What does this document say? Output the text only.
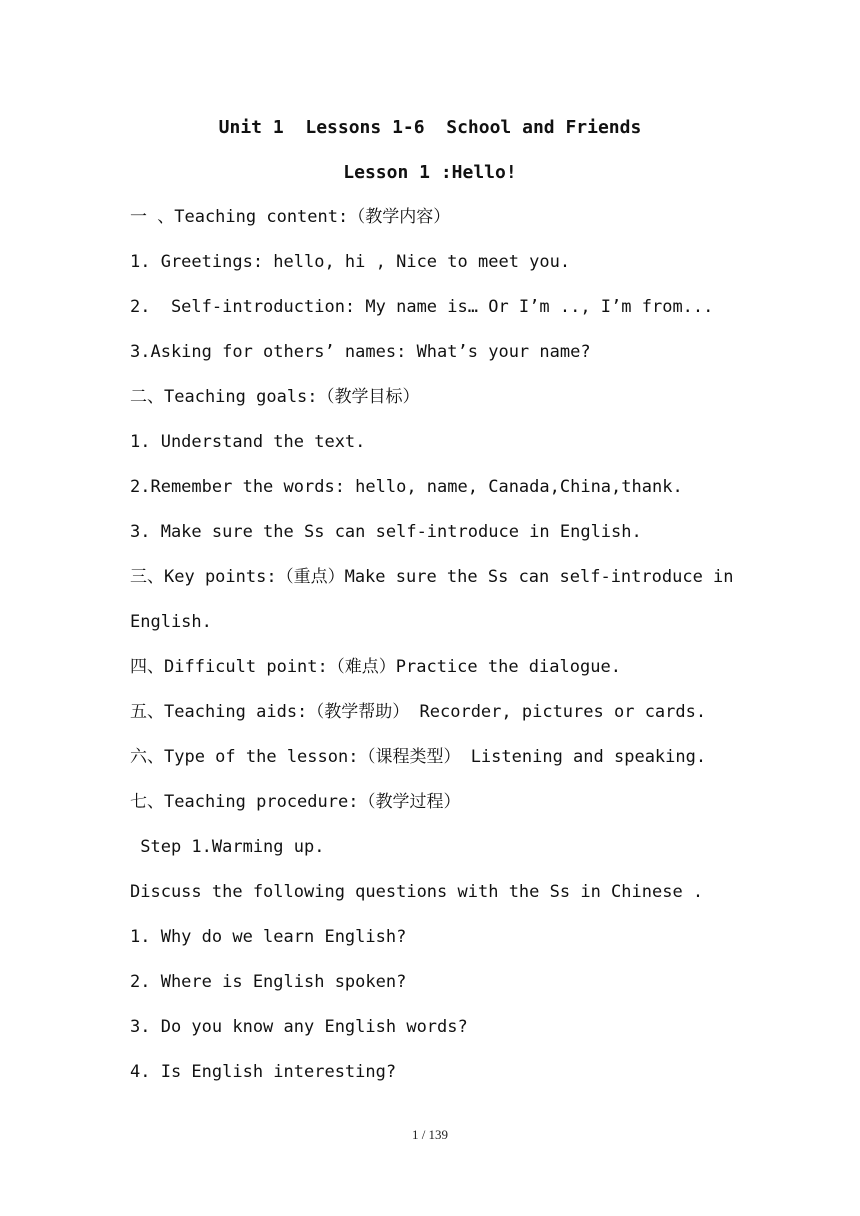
Unit 1  Lessons 1-6  School and Friends
Lesson 1 :Hello!
一 、Teaching content:（教学内容）
1. Greetings: hello, hi , Nice to meet you.
2.  Self-introduction: My name is… Or I’m .., I’m from...
3.Asking for others’ names: What’s your name?
二、Teaching goals:（教学目标）
1. Understand the text.
2.Remember the words: hello, name, Canada,China,thank.
3. Make sure the Ss can self-introduce in English.
三、Key points:（重点）Make sure the Ss can self-introduce in
English.
四、Difficult point:（难点）Practice the dialogue.
五、Teaching aids:（教学帮助） Recorder, pictures or cards.
六、Type of the lesson:（课程类型） Listening and speaking.
七、Teaching procedure:（教学过程）
Step 1.Warming up.
Discuss the following questions with the Ss in Chinese .
1. Why do we learn English?
2. Where is English spoken?
3. Do you know any English words?
4. Is English interesting?
1 / 139
